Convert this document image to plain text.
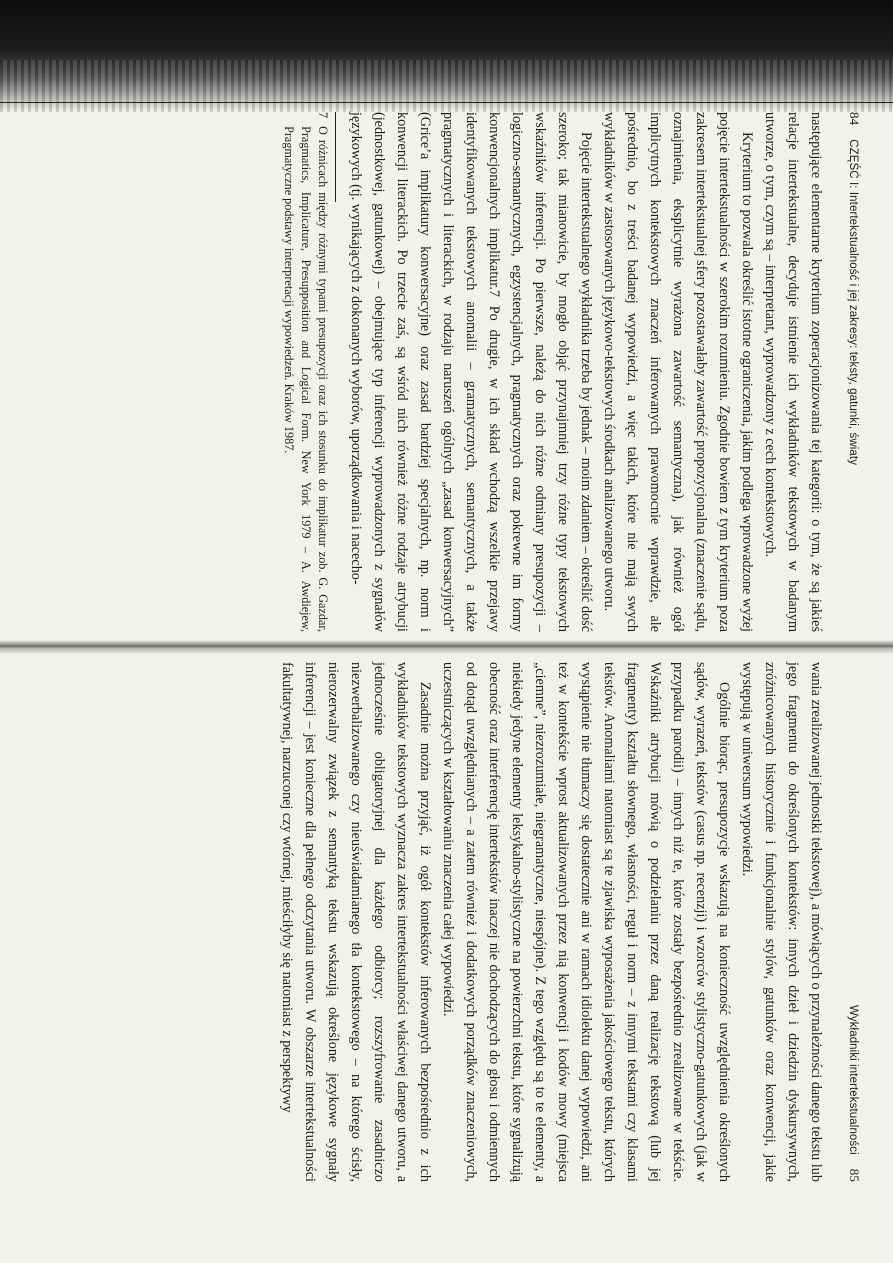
84
CZĘŚĆ I: Intertekstualność i jej zakresy: teksty, gatunki, światy

następujące elementarne kryterium zoperacjonizowania tej kategorii: o tym, że są jakieś relacje intertekstualne, decyduje istnienie ich wykładników tekstowych w badanym utworze, o tym, czym są – interpretant, wyprowadzony z cech kontekstowych.

Kryterium to pozwala określić istotne ograniczenia, jakim podlega wprowadzone wyżej pojęcie intertekstualności w szerokim rozumieniu. Zgodnie bowiem z tym kryterium poza zakresem intertekstualnej sfery pozostawałaby zawartość propozycjonalna (znaczenie sądu, oznajmienia, eksplicytnie wyrażona zawartość semantyczna), jak również ogół implicytnych kontekstowych znaczeń inferowanych prawomocnie wprawdzie, ale pośrednio, bo z treści badanej wypowiedzi, a więc takich, które nie mają swych wykładników w zastosowanych językowo-tekstowych środkach analizowanego utworu.

Pojęcie intertekstualnego wykładnika trzeba by jednak – moim zdaniem – określić dość szeroko; tak mianowicie, by mogło objąć przynajmniej trzy różne typy tekstowych wskaźników inferencji. Po pierwsze, należą do nich różne odmiany presupozycji – logiczno-semantycznych, egzystencjalnych, pragmatycznych oraz pokrewne im formy konwencjonalnych implikatur.7 Po drugie, w ich skład wchodzą wszelkie przejawy identyfikowanych tekstowych anomalii – gramatycznych, semantycznych, a także pragmatycznych i literackich, w rodzaju naruszeń ogólnych „zasad konwersacyjnych” (Grice’a implikatury konwersacyjne) oraz zasad bardziej specjalnych, np. norm i konwencji literackich. Po trzecie zaś, są wśród nich również różne rodzaje atrybucji (jednostkowej, gatunkowej) – obejmujące typ inferencji wyprowadzonych z sygnałów językowych (tj. wynikających z dokonanych wyborów, uporządkowania i nacecho-

7
O różnicach między różnymi typami presupozycji oraz ich stosunku do implikatur zob. G. Gazdar, Pragmatics, Implicature, Presupposition and Logical Form. New York 1979 – A. Awdiejew, Pragmatyczne podstawy interpretacji wypowiedzeń. Kraków 1987.
Wykładniki intertekstualności
85

wania zrealizowanej jednostki tekstowej), a mówiących o przynależności danego tekstu lub jego fragmentu do określonych kontekstów: innych dzieł i dziedzin dyskursywnych, zróżnicowanych historycznie i funkcjonalnie stylów, gatunków oraz konwencji, jakie występują w uniwersum wypowiedzi.

Ogólnie biorąc, presupozycje wskazują na konieczność uwzględnienia określonych sądów, wyrazeń, tekstów (casus np. recenzji) i wzorców stylistyczno-gatunkowych (jak w przypadku parodii) – innych niż te, które zostały bezpośrednio zrealizowane w tekście. Wskaźniki atrybucji mówią o podzielaniu przez daną realizację tekstową (lub jej fragmenty) kształtu słownego, własności, reguł i norm – z innymi tekstami czy klasami tekstów. Anomaliami natomiast są te zjawiska wyposażenia jakościowego tekstu, których wystąpienie nie tłumaczy się dostatecznie ani w ramach idiolektu danej wypowiedzi, ani też w kontekście wprost aktualizowanych przez nią konwencji i kodów mowy (miejsca „ciemne”, niezrozumiałe, niegramatyczne, niespójne). Z tego względu są to te elementy, a niekiedy jedyne elementy leksykalno-stylistyczne na powierzchni tekstu, które sygnalizują obecność oraz interferencję intertekstów inaczej nie dochodzących do głosu i odmiennych od dotąd uwzględnianych – a zatem również i dodatkowych porządków znaczeniowych, uczestniczących w kształtowaniu znaczenia całej wypowiedzi.

Zasadnie można przyjąć, iż ogół kontekstów inferowanych bezpośrednio z ich wykładników tekstowych wyznacza zakres intertekstualności właściwej danego utworu, a jednocześnie obligatoryjnej dla każdego odbiorcy; rozszyfrowanie zasadniczo niezwerbalizowanego czy nieuświadamianego tła kontekstowego – na którego ścisły, nierozerwalny związek z semantyką tekstu wskazują określone językowe sygnały inferencji – jest konieczne dla pełnego odczytania utworu. W obszarze intertekstualności fakultatywnej, narzuconej czy wtórnej, mieściłyby się natomiast z perspektywy
